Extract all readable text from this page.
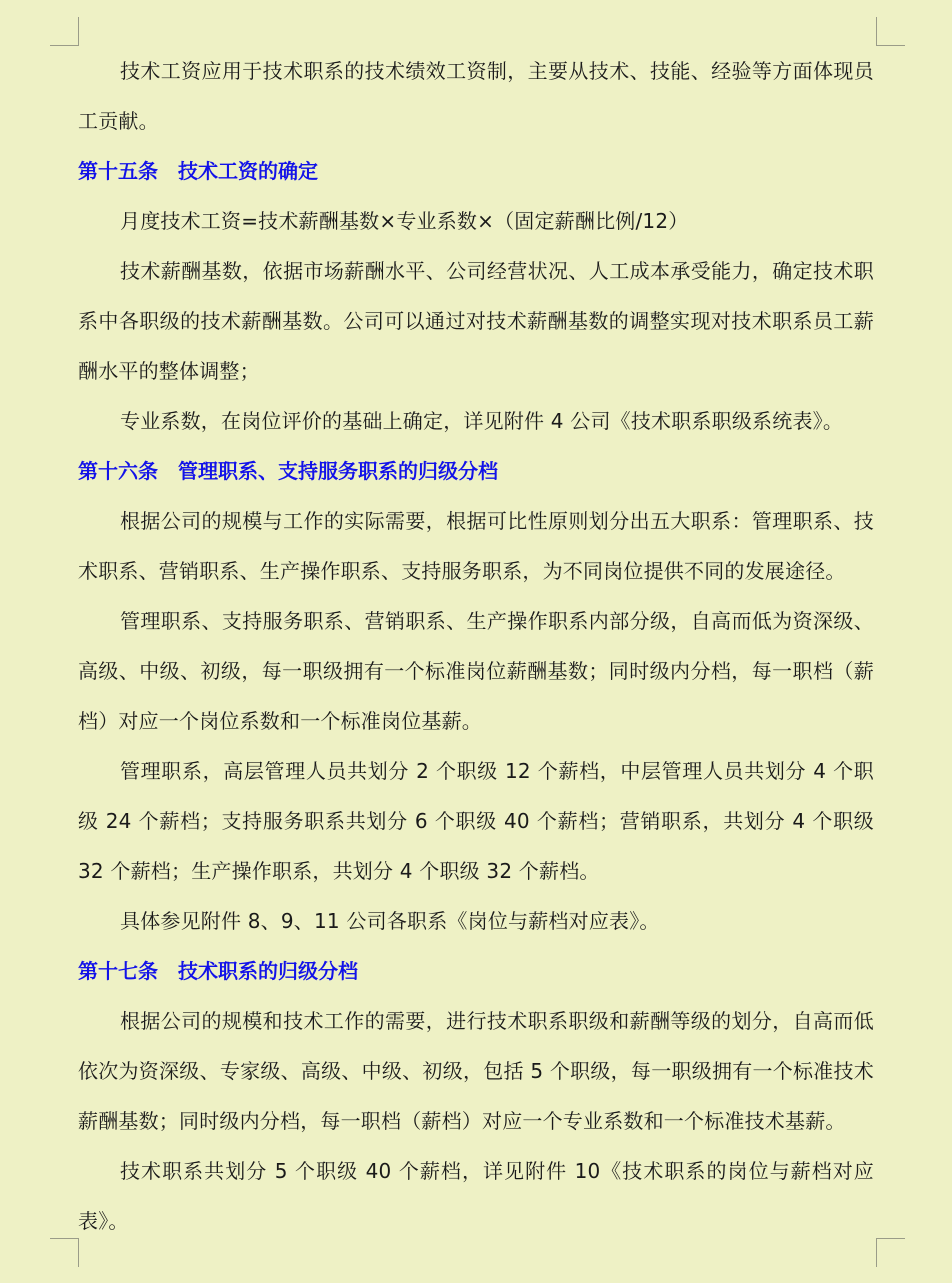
技术工资应用于技术职系的技术绩效工资制，主要从技术、技能、经验等方面体现员工贡献。

第十五条　技术工资的确定

月度技术工资=技术薪酬基数×专业系数×（固定薪酬比例/12）

技术薪酬基数，依据市场薪酬水平、公司经营状况、人工成本承受能力，确定技术职系中各职级的技术薪酬基数。公司可以通过对技术薪酬基数的调整实现对技术职系员工薪酬水平的整体调整；

专业系数，在岗位评价的基础上确定，详见附件 4 公司《技术职系职级系统表》。

第十六条　管理职系、支持服务职系的归级分档

根据公司的规模与工作的实际需要，根据可比性原则划分出五大职系：管理职系、技术职系、营销职系、生产操作职系、支持服务职系，为不同岗位提供不同的发展途径。

管理职系、支持服务职系、营销职系、生产操作职系内部分级，自高而低为资深级、高级、中级、初级，每一职级拥有一个标准岗位薪酬基数；同时级内分档，每一职档（薪档）对应一个岗位系数和一个标准岗位基薪。

管理职系，高层管理人员共划分 2 个职级 12 个薪档，中层管理人员共划分 4 个职级 24 个薪档；支持服务职系共划分 6 个职级 40 个薪档；营销职系，共划分 4 个职级 32 个薪档；生产操作职系，共划分 4 个职级 32 个薪档。

具体参见附件 8、9、11 公司各职系《岗位与薪档对应表》。

第十七条　技术职系的归级分档

根据公司的规模和技术工作的需要，进行技术职系职级和薪酬等级的划分，自高而低依次为资深级、专家级、高级、中级、初级，包括 5 个职级，每一职级拥有一个标准技术薪酬基数；同时级内分档，每一职档（薪档）对应一个专业系数和一个标准技术基薪。

技术职系共划分 5 个职级 40 个薪档，详见附件 10《技术职系的岗位与薪档对应表》。
